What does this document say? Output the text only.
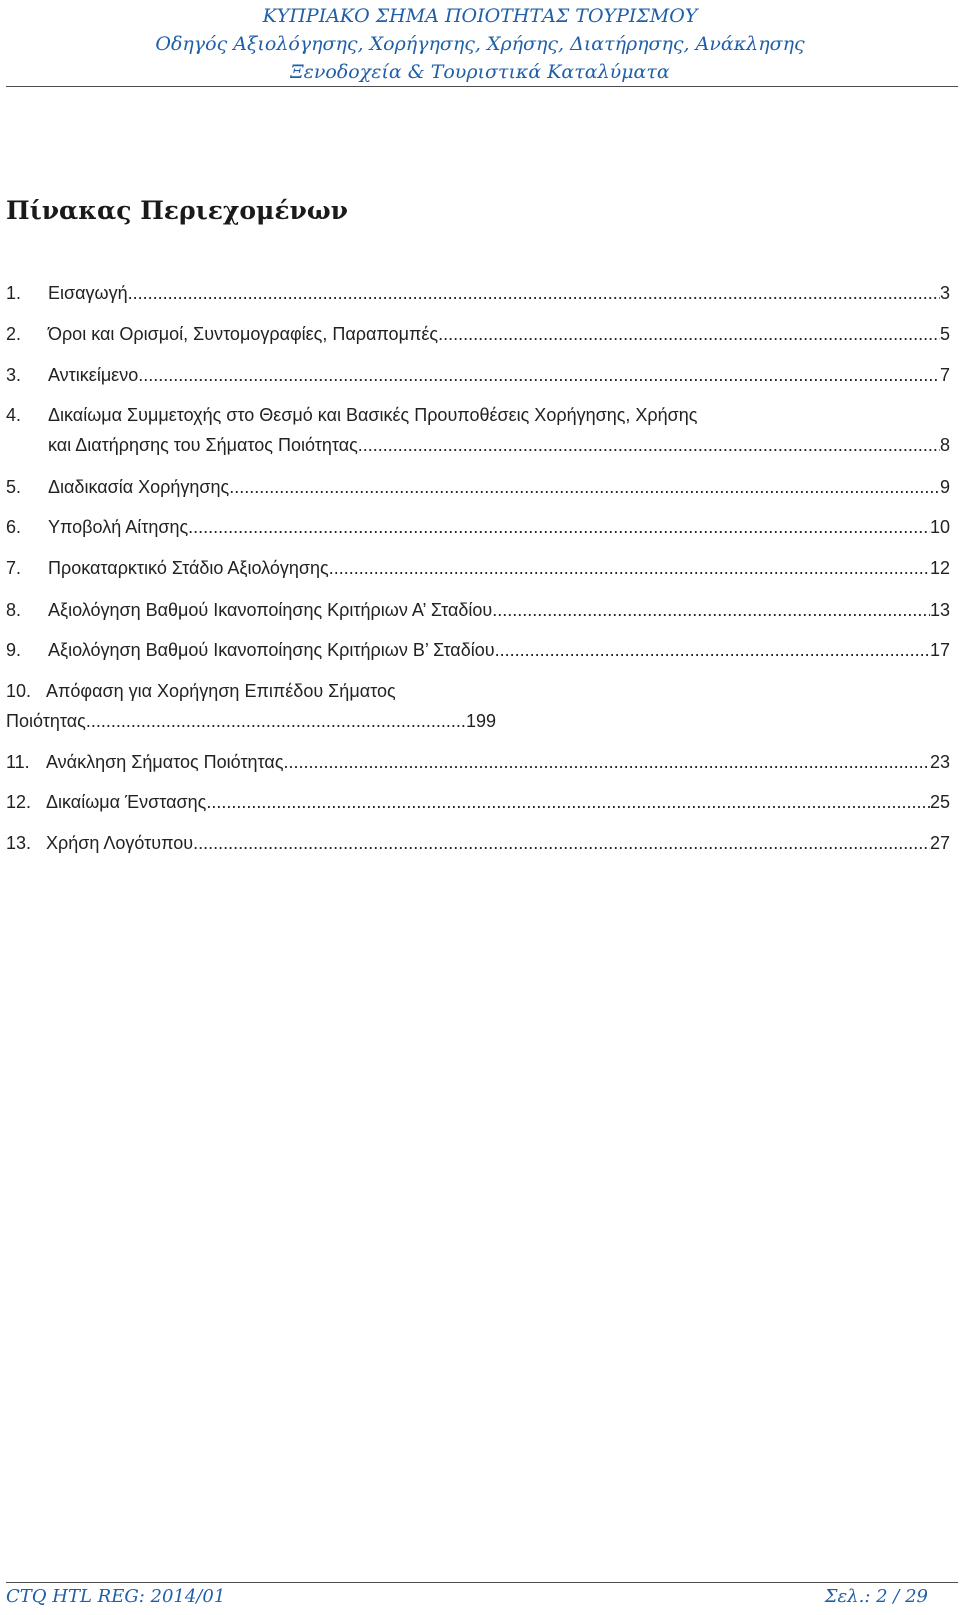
ΚΥΠΡΙΑΚΟ ΣΗΜΑ ΠΟΙΟΤΗΤΑΣ ΤΟΥΡΙΣΜΟΥ
Οδηγός Αξιολόγησης, Χορήγησης, Χρήσης, Διατήρησης, Ανάκλησης
Ξενοδοχεία & Τουριστικά Καταλύματα
Πίνακας Περιεχομένων
1.	Εισαγωγή .....	3
2.	Όροι και Ορισμοί, Συντομογραφίες, Παραπομπές .....	5
3.	Αντικείμενο .....	7
4.	Δικαίωμα Συμμετοχής στο Θεσμό και Βασικές Προυποθέσεις Χορήγησης, Χρήσης
και Διατήρησης του Σήματος Ποιότητας .....	8
5.	Διαδικασία Χορήγησης .....	9
6.	Υποβολή Αίτησης. .....	10
7.	Προκαταρκτικό Στάδιο Αξιολόγησης .....	12
8.	Αξιολόγηση Βαθμού Ικανοποίησης Κριτήριων Α’ Σταδίου .....	13
9.	Αξιολόγηση Βαθμού Ικανοποίησης Κριτήριων Β’ Σταδίου .....	17
10. Απόφαση για Χορήγηση Επιπέδου Σήματος
Ποιότητας .....	199
11. Ανάκληση Σήματος Ποιότητας .....	23
12. Δικαίωμα Ένστασης .....	25
13. Χρήση Λογότυπου .....	27
CTQ HTL REG: 2014/01	Σελ.: 2 / 29
